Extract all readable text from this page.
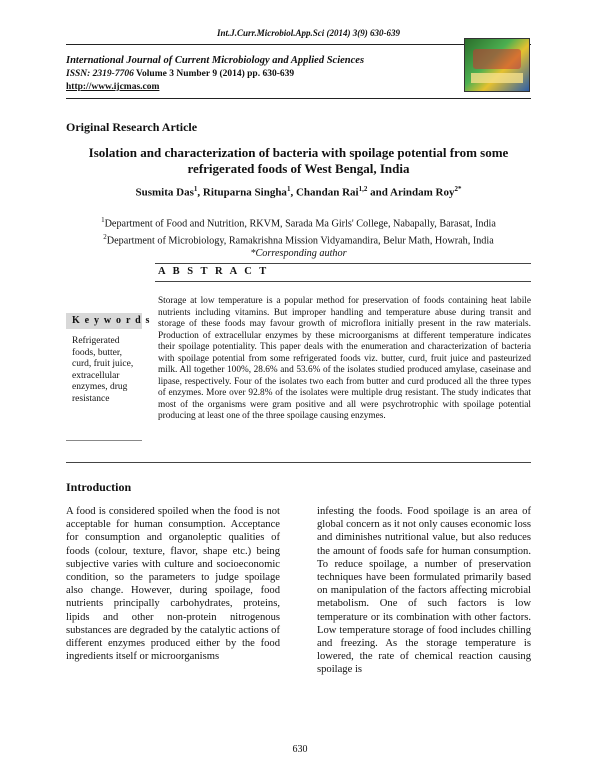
Int.J.Curr.Microbiol.App.Sci (2014) 3(9) 630-639
International Journal of Current Microbiology and Applied Sciences
ISSN: 2319-7706 Volume 3 Number 9 (2014) pp. 630-639
http://www.ijcmas.com
Original Research Article
Isolation and characterization of bacteria with spoilage potential from some refrigerated foods of West Bengal, India
Susmita Das$^1$, Rituparna Singha$^1$, Chandan Rai$^{1,2}$ and Arindam Roy$^{2*}$
$^1$Department of Food and Nutrition, RKVM, Sarada Ma Girls' College, Nabapally, Barasat, India
$^2$Department of Microbiology, Ramakrishna Mission Vidyamandira, Belur Math, Howrah, India
*Corresponding author
A B S T R A C T
K e y w o r d s
Refrigerated foods, butter, curd, fruit juice, extracellular enzymes, drug resistance
Storage at low temperature is a popular method for preservation of foods containing heat labile nutrients including vitamins. But improper handling and temperature abuse during transit and storage of these foods may favour growth of microflora initially present in the raw materials. Production of extracellular enzymes by these microorganisms at different temperature indicates their spoilage potentiality. This paper deals with the enumeration and characterization of bacteria with spoilage potential from some refrigerated foods viz. butter, curd, fruit juice and pasteurized milk. All together 100%, 28.6% and 53.6% of the isolates studied produced amylase, caseinase and lipase, respectively. Four of the isolates two each from butter and curd produced all the three types of enzymes. More over 92.8% of the isolates were multiple drug resistant. The study indicates that most of the organisms were gram positive and all were psychrotrophic with spoilage potential producing at least one of the three spoilage causing enzymes.
Introduction
A food is considered spoiled when the food is not acceptable for human consumption. Acceptance for consumption and organoleptic qualities of foods (colour, texture, flavor, shape etc.) being subjective varies with culture and socioeconomic condition, so the parameters to judge spoilage also change. However, during spoilage, food nutrients principally carbohydrates, proteins, lipids and other non-protein nitrogenous substances are degraded by the catalytic actions of different enzymes produced either by the food ingredients itself or microorganisms
infesting the foods. Food spoilage is an area of global concern as it not only causes economic loss and diminishes nutritional value, but also reduces the amount of foods safe for human consumption. To reduce spoilage, a number of preservation techniques have been formulated primarily based on manipulation of the factors affecting microbial metabolism. One of such factors is low temperature or its combination with other factors. Low temperature storage of food includes chilling and freezing. As the storage temperature is lowered, the rate of chemical reaction causing spoilage is
630
